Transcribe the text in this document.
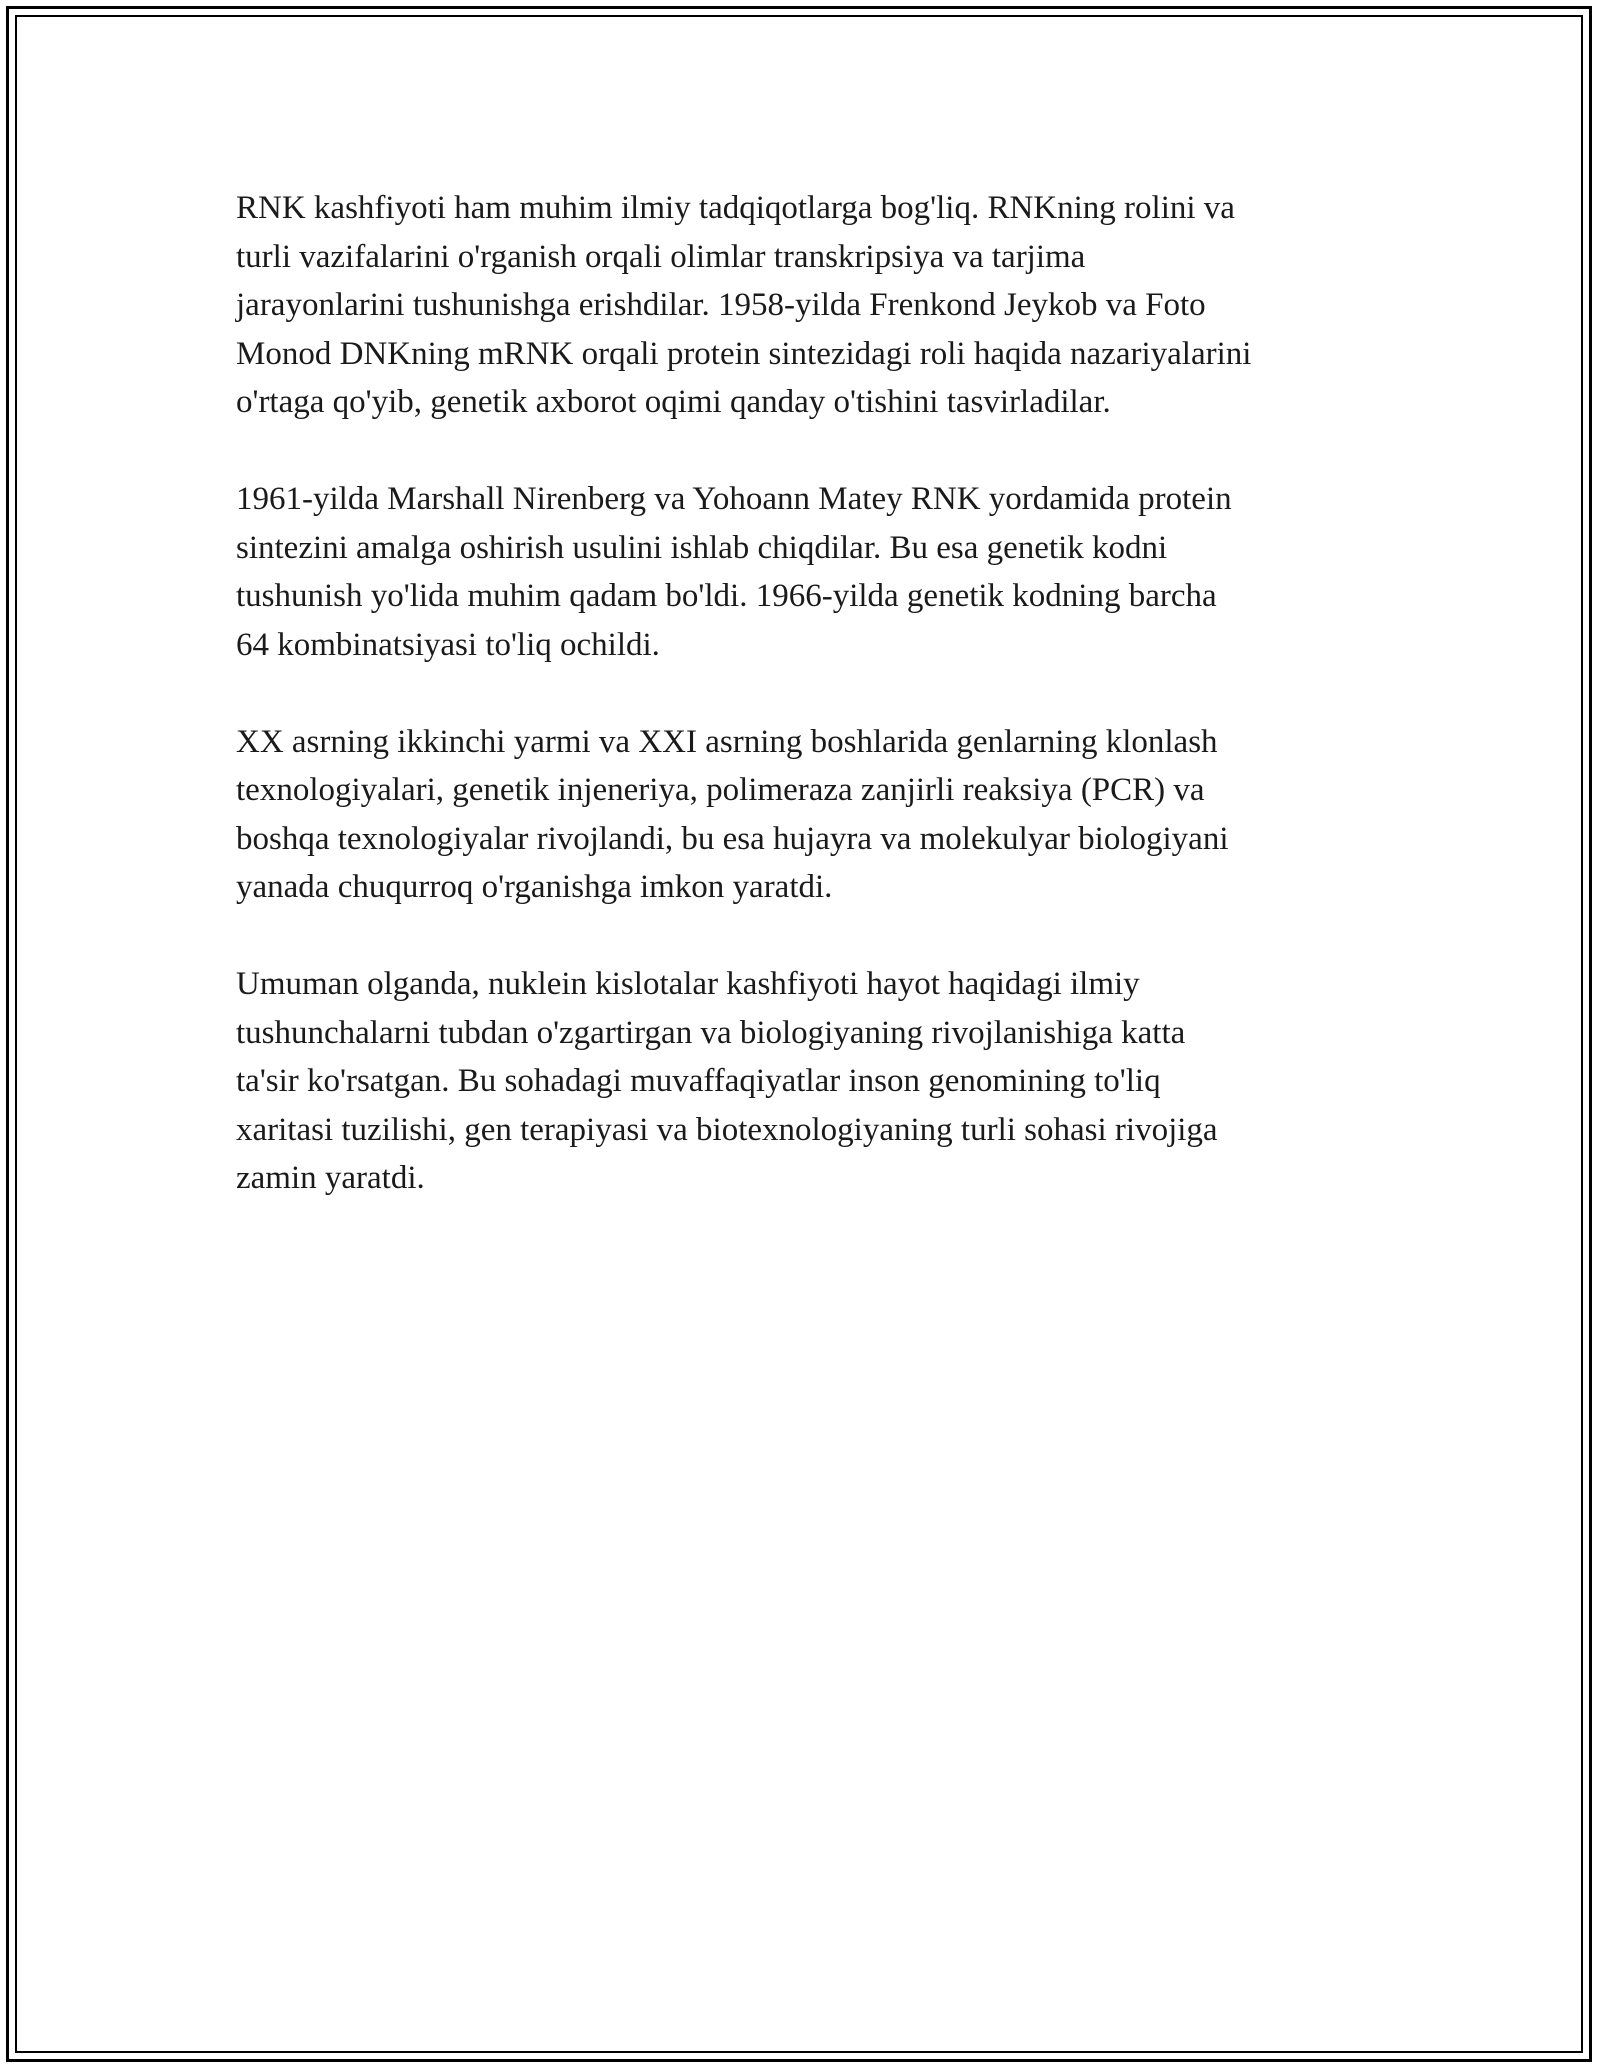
RNK kashfiyoti ham muhim ilmiy tadqiqotlarga bog'liq. RNKning rolini va
turli vazifalarini o'rganish orqali olimlar transkripsiya va tarjima
jarayonlarini tushunishga erishdilar. 1958-yilda Frenkond Jeykob va Foto
Monod DNKning mRNK orqali protein sintezidagi roli haqida nazariyalarini
o'rtaga qo'yib, genetik axborot oqimi qanday o'tishini tasvirladilar.

1961-yilda Marshall Nirenberg va Yohoann Matey RNK yordamida protein
sintezini amalga oshirish usulini ishlab chiqdilar. Bu esa genetik kodni
tushunish yo'lida muhim qadam bo'ldi. 1966-yilda genetik kodning barcha
64 kombinatsiyasi to'liq ochildi.

XX asrning ikkinchi yarmi va XXI asrning boshlarida genlarning klonlash
texnologiyalari, genetik injeneriya, polimeraza zanjirli reaksiya (PCR) va
boshqa texnologiyalar rivojlandi, bu esa hujayra va molekulyar biologiyani
yanada chuqurroq o'rganishga imkon yaratdi.

Umuman olganda, nuklein kislotalar kashfiyoti hayot haqidagi ilmiy
tushunchalarni tubdan o'zgartirgan va biologiyaning rivojlanishiga katta
ta'sir ko'rsatgan. Bu sohadagi muvaffaqiyatlar inson genomining to'liq
xaritasi tuzilishi, gen terapiyasi va biotexnologiyaning turli sohasi rivojiga
zamin yaratdi.
